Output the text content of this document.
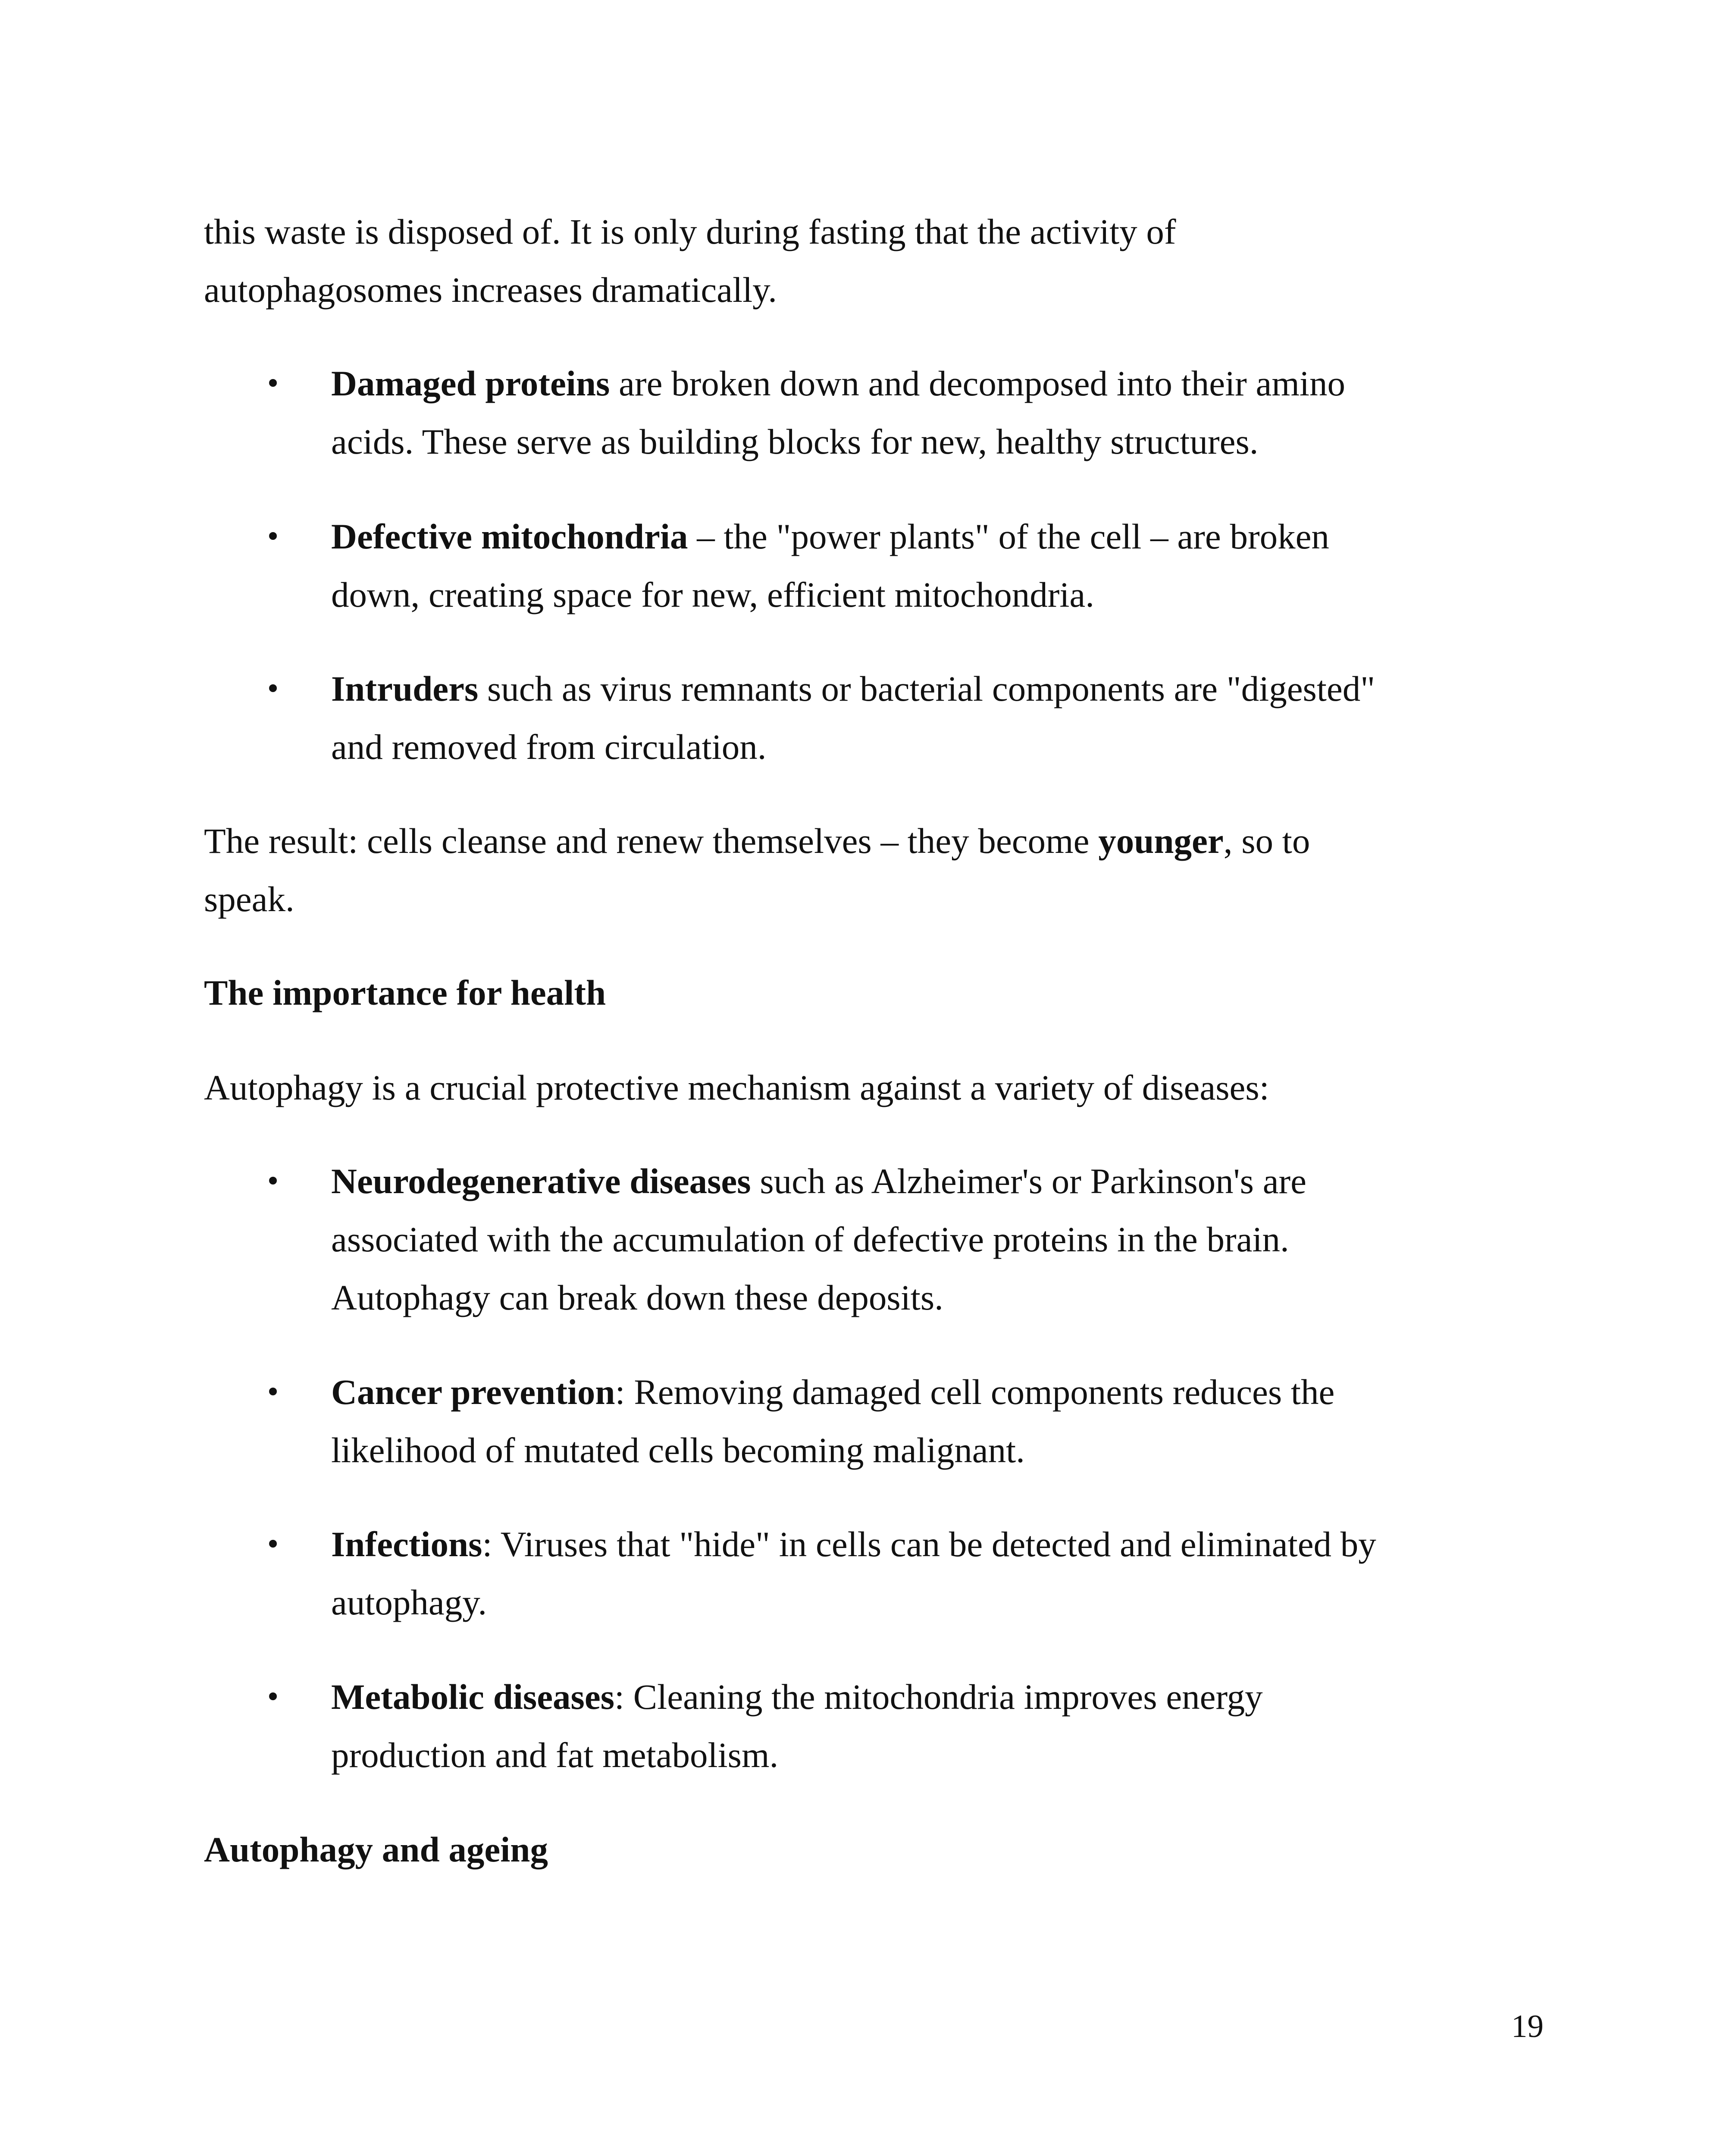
this waste is disposed of. It is only during fasting that the activity of
autophagosomes increases dramatically.

• Damaged proteins are broken down and decomposed into their amino
acids. These serve as building blocks for new, healthy structures.
• Defective mitochondria – the "power plants" of the cell – are broken
down, creating space for new, efficient mitochondria.
• Intruders such as virus remnants or bacterial components are "digested"
and removed from circulation.

The result: cells cleanse and renew themselves – they become younger, so to
speak.

The importance for health

Autophagy is a crucial protective mechanism against a variety of diseases:

• Neurodegenerative diseases such as Alzheimer's or Parkinson's are
associated with the accumulation of defective proteins in the brain.
Autophagy can break down these deposits.
• Cancer prevention: Removing damaged cell components reduces the
likelihood of mutated cells becoming malignant.
• Infections: Viruses that "hide" in cells can be detected and eliminated by
autophagy.
• Metabolic diseases: Cleaning the mitochondria improves energy
production and fat metabolism.
Autophagy and ageing
19
